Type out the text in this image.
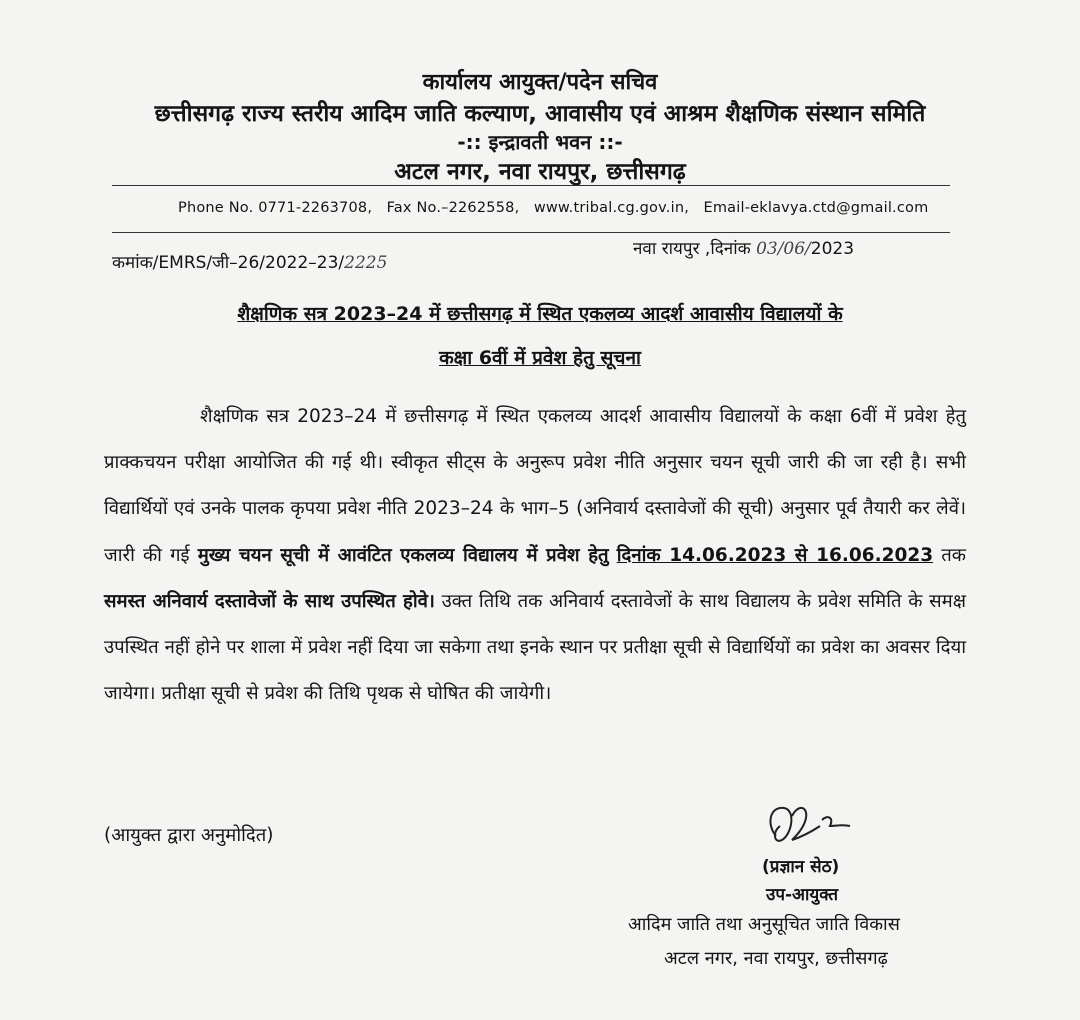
कार्यालय आयुक्त/पदेन सचिव
छत्तीसगढ़ राज्य स्तरीय आदिम जाति कल्याण, आवासीय एवं आश्रम शैक्षणिक संस्थान समिति
-:: इन्द्रावती भवन ::-
अटल नगर, नवा रायपुर, छत्तीसगढ़
Phone No. 0771-2263708, Fax No.–2262558, www.tribal.cg.gov.in, Email-eklavya.ctd@gmail.com
कमांक/EMRS/जी–26/2022–23/2225
नवा रायपुर ,दिनांक 03/06/2023
शैक्षणिक सत्र 2023–24 में छत्तीसगढ़ में स्थित एकलव्य आदर्श आवासीय विद्यालयों के
कक्षा 6वीं में प्रवेश हेतु सूचना
शैक्षणिक सत्र 2023–24 में छत्तीसगढ़ में स्थित एकलव्य आदर्श आवासीय विद्यालयों के कक्षा 6वीं में प्रवेश हेतु प्राक्कचयन परीक्षा आयोजित की गई थी। स्वीकृत सीट्स के अनुरूप प्रवेश नीति अनुसार चयन सूची जारी की जा रही है। सभी विद्यार्थियों एवं उनके पालक कृपया प्रवेश नीति 2023–24 के भाग–5 (अनिवार्य दस्तावेजों की सूची) अनुसार पूर्व तैयारी कर लेवें। जारी की गई मुख्य चयन सूची में आवंटित एकलव्य विद्यालय में प्रवेश हेतु दिनांक 14.06.2023 से 16.06.2023 तक समस्त अनिवार्य दस्तावेजों के साथ उपस्थित होवे। उक्त तिथि तक अनिवार्य दस्तावेजों के साथ विद्यालय के प्रवेश समिति के समक्ष उपस्थित नहीं होने पर शाला में प्रवेश नहीं दिया जा सकेगा तथा इनके स्थान पर प्रतीक्षा सूची से विद्यार्थियों का प्रवेश का अवसर दिया जायेगा। प्रतीक्षा सूची से प्रवेश की तिथि पृथक से घोषित की जायेगी।
(आयुक्त द्वारा अनुमोदित)
(प्रज्ञान सेठ)
उप-आयुक्त
आदिम जाति तथा अनुसूचित जाति विकास
अटल नगर, नवा रायपुर, छत्तीसगढ़
